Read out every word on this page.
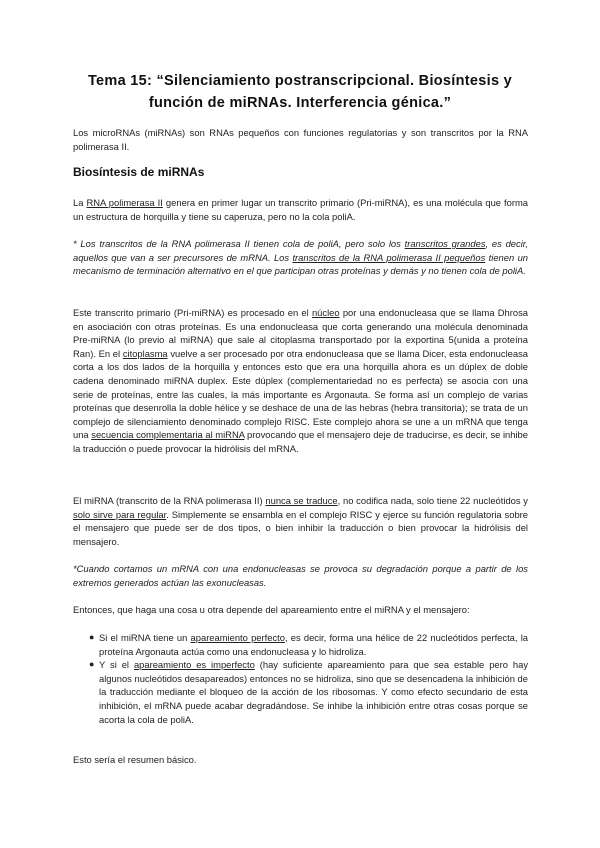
Tema 15: “Silenciamiento postranscripcional. Biosíntesis y función de miRNAs. Interferencia génica.”
Los microRNAs (miRNAs) son RNAs pequeños con funciones regulatorias y son transcritos por la RNA polimerasa II.
Biosíntesis de miRNAs
La RNA polimerasa II genera en primer lugar un transcrito primario (Pri-miRNA), es una molécula que forma un estructura de horquilla y tiene su caperuza, pero no la cola poliA.
* Los transcritos de la RNA polimerasa II tienen cola de poliA, pero solo los transcritos grandes, es decir, aquellos que van a ser precursores de mRNA. Los transcritos de la RNA polimerasa II pequeños tienen un mecanismo de terminación alternativo en el que participan otras proteínas y demás y no tienen cola de poliA.
Este transcrito primario (Pri-miRNA) es procesado en el núcleo por una endonucleasa que se llama Dhrosa en asociación con otras proteínas. Es una endonucleasa que corta generando una molécula denominada Pre-miRNA (lo previo al miRNA) que sale al citoplasma transportado por la exportina 5(unida a proteína Ran). En el citoplasma vuelve a ser procesado por otra endonucleasa que se llama Dicer, esta endonucleasa corta a los dos lados de la horquilla y entonces esto que era una horquilla ahora es un dúplex de doble cadena denominado miRNA duplex. Este dúplex (complementariedad no es perfecta) se asocia con una serie de proteínas, entre las cuales, la más importante es Argonauta. Se forma así un complejo de varias proteínas que desenrolla la doble hélice y se deshace de una de las hebras (hebra transitoria); se trata de un complejo de silenciamiento denominado complejo RISC. Este complejo ahora se une a un mRNA que tenga una secuencia complementaria al miRNA provocando que el mensajero deje de traducirse, es decir, se inhibe la traducción o puede provocar la hidrólisis del mRNA.
El miRNA (transcrito de la RNA polimerasa II) nunca se traduce, no codifica nada, solo tiene 22 nucleótidos y solo sirve para regular. Simplemente se ensambla en el complejo RISC y ejerce su función regulatoria sobre el mensajero que puede ser de dos tipos, o bien inhibir la traducción o bien provocar la hidrólisis del mensajero.
*Cuando cortamos un mRNA con una endonucleasas se provoca su degradación porque a partir de los extremos generados actúan las exonucleasas.
Entonces, que haga una cosa u otra depende del apareamiento entre el miRNA y el mensajero:
● Si el miRNA tiene un apareamiento perfecto, es decir, forma una hélice de 22 nucleótidos perfecta, la proteína Argonauta actúa como una endonucleasa y lo hidroliza.
● Y si el apareamiento es imperfecto (hay suficiente apareamiento para que sea estable pero hay algunos nucleótidos desapareados) entonces no se hidroliza, sino que se desencadena la inhibición de la traducción mediante el bloqueo de la acción de los ribosomas. Y como efecto secundario de esta inhibición, el mRNA puede acabar degradándose. Se inhibe la inhibición entre otras cosas porque se acorta la cola de poliA.
Esto sería el resumen básico.
